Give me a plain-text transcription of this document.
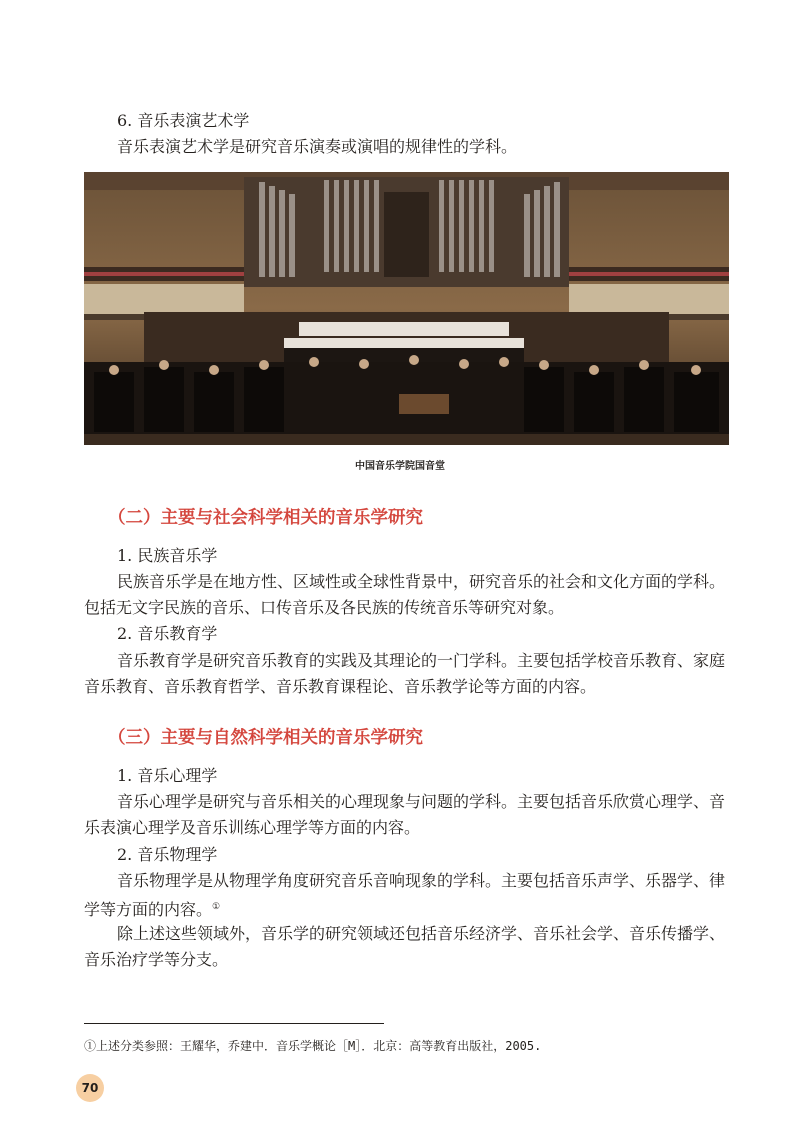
6. 音乐表演艺术学
音乐表演艺术学是研究音乐演奏或演唱的规律性的学科。
中国音乐学院国音堂
（二）主要与社会科学相关的音乐学研究
1. 民族音乐学
民族音乐学是在地方性、区域性或全球性背景中，研究音乐的社会和文化方面的学科。
包括无文字民族的音乐、口传音乐及各民族的传统音乐等研究对象。
2. 音乐教育学
音乐教育学是研究音乐教育的实践及其理论的一门学科。主要包括学校音乐教育、家庭
音乐教育、音乐教育哲学、音乐教育课程论、音乐教学论等方面的内容。
（三）主要与自然科学相关的音乐学研究
1. 音乐心理学
音乐心理学是研究与音乐相关的心理现象与问题的学科。主要包括音乐欣赏心理学、音
乐表演心理学及音乐训练心理学等方面的内容。
2. 音乐物理学
音乐物理学是从物理学角度研究音乐音响现象的学科。主要包括音乐声学、乐器学、律
学等方面的内容。①
除上述这些领域外，音乐学的研究领域还包括音乐经济学、音乐社会学、音乐传播学、
音乐治疗学等分支。
①上述分类参照：王耀华，乔建中．音乐学概论［M］．北京：高等教育出版社，2005.
70
